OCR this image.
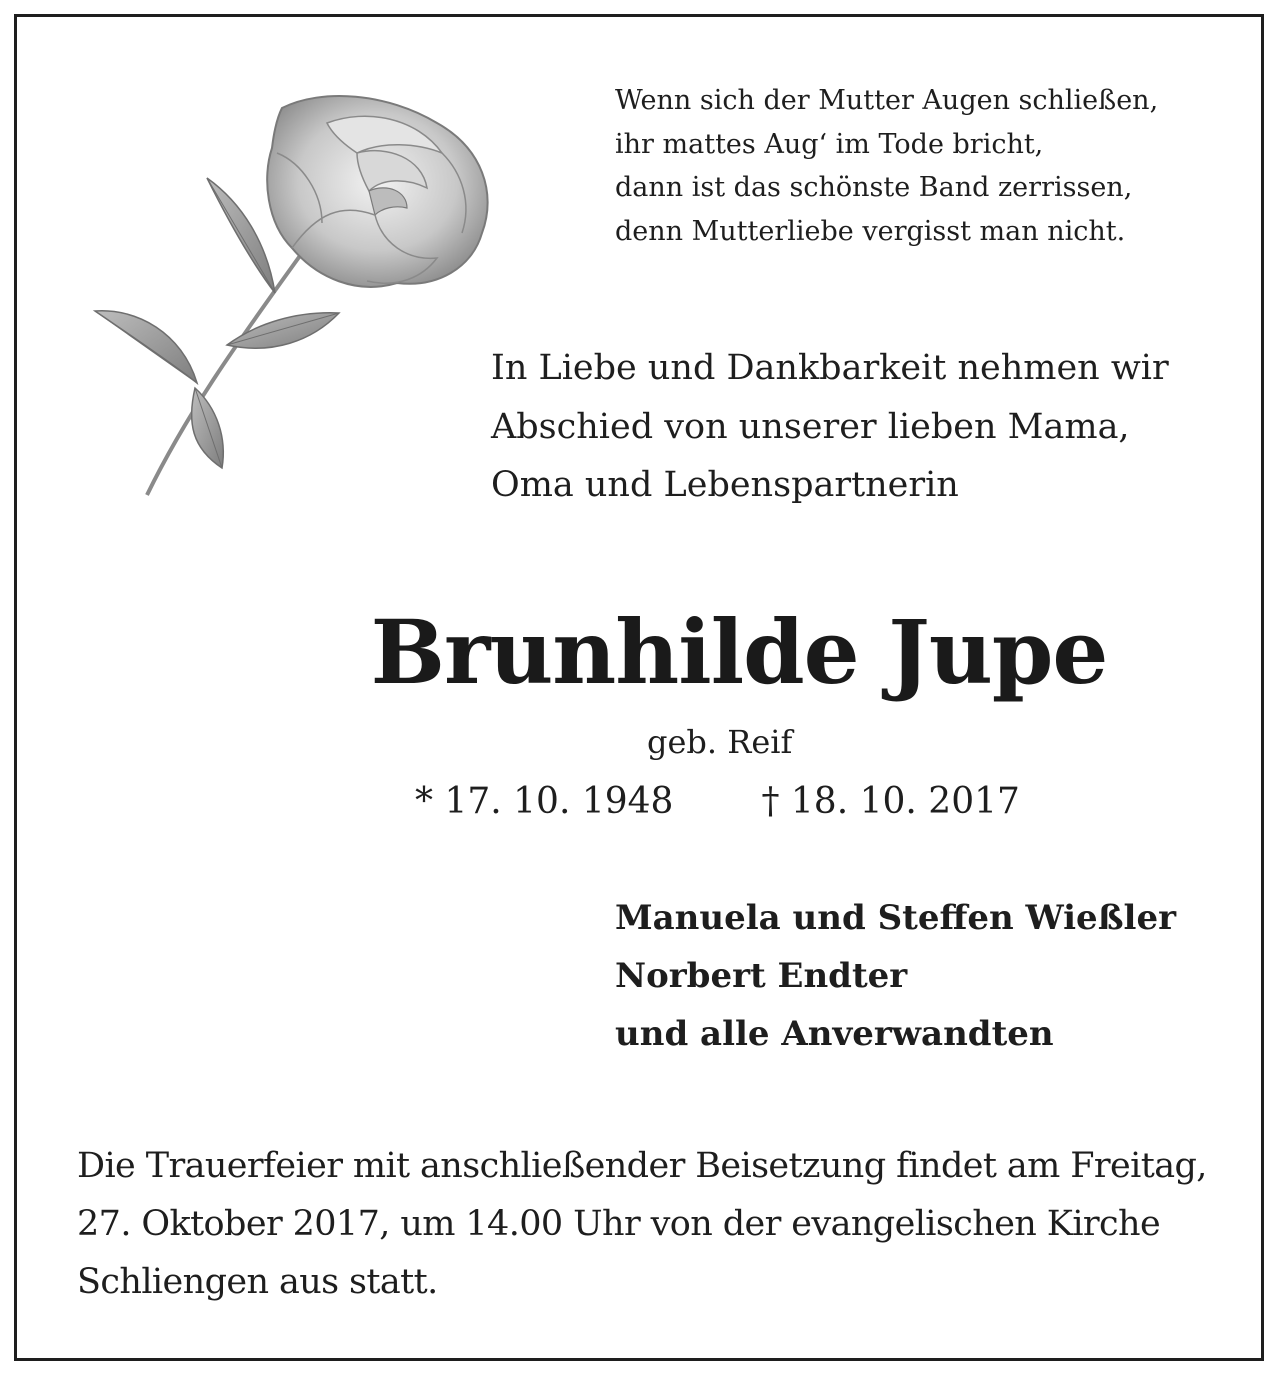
Wenn sich der Mutter Augen schließen,
ihr mattes Aug‘ im Tode bricht,
dann ist das schönste Band zerrissen,
denn Mutterliebe vergisst man nicht.
In Liebe und Dankbarkeit nehmen wir
Abschied von unserer lieben Mama,
Oma und Lebenspartnerin
Brunhilde Jupe
geb. Reif
* 17. 10. 1948 † 18. 10. 2017
Manuela und Steffen Wießler
Norbert Endter
und alle Anverwandten
Die Trauerfeier mit anschließender Beisetzung findet am Freitag,
27. Oktober 2017, um 14.00 Uhr von der evangelischen Kirche
Schliengen aus statt.
